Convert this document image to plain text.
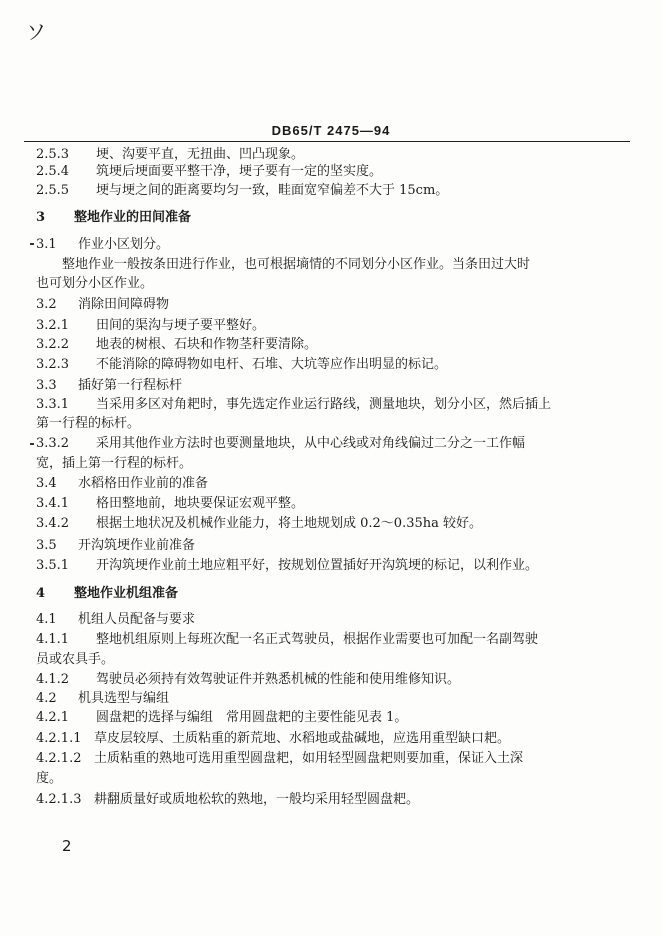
ソ
DB65/T 2475—94
2.5.3 埂、沟要平直，无扭曲、凹凸现象。
2.5.4 筑埂后埂面要平整干净，埂子要有一定的坚实度。
2.5.5 埂与埂之间的距离要均匀一致，畦面宽窄偏差不大于 15cm。
3 整地作业的田间准备
3.1 作业小区划分。
整地作业一般按条田进行作业，也可根据墒情的不同划分小区作业。当条田过大时
也可划分小区作业。
3.2 消除田间障碍物
3.2.1 田间的渠沟与埂子要平整好。
3.2.2 地表的树根、石块和作物茎秆要清除。
3.2.3 不能消除的障碍物如电杆、石堆、大坑等应作出明显的标记。
3.3 插好第一行程标杆
3.3.1 当采用多区对角耙时，事先选定作业运行路线，测量地块，划分小区，然后插上
第一行程的标杆。
3.3.2 采用其他作业方法时也要测量地块，从中心线或对角线偏过二分之一工作幅
宽，插上第一行程的标杆。
3.4 水稻格田作业前的准备
3.4.1 格田整地前，地块要保证宏观平整。
3.4.2 根据土地状况及机械作业能力，将土地规划成 0.2～0.35ha 较好。
3.5 开沟筑埂作业前准备
3.5.1 开沟筑埂作业前土地应粗平好，按规划位置插好开沟筑埂的标记，以利作业。
4 整地作业机组准备
4.1 机组人员配备与要求
4.1.1 整地机组原则上每班次配一名正式驾驶员，根据作业需要也可加配一名副驾驶
员或农具手。
4.1.2 驾驶员必须持有效驾驶证件并熟悉机械的性能和使用维修知识。
4.2 机具选型与编组
4.2.1 圆盘耙的选择与编组　常用圆盘耙的主要性能见表 1。
4.2.1.1 草皮层较厚、土质粘重的新荒地、水稻地或盐碱地，应选用重型缺口耙。
4.2.1.2 土质粘重的熟地可选用重型圆盘耙，如用轻型圆盘耙则要加重，保证入土深
度。
4.2.1.3 耕翻质量好或质地松软的熟地，一般均采用轻型圆盘耙。
2
